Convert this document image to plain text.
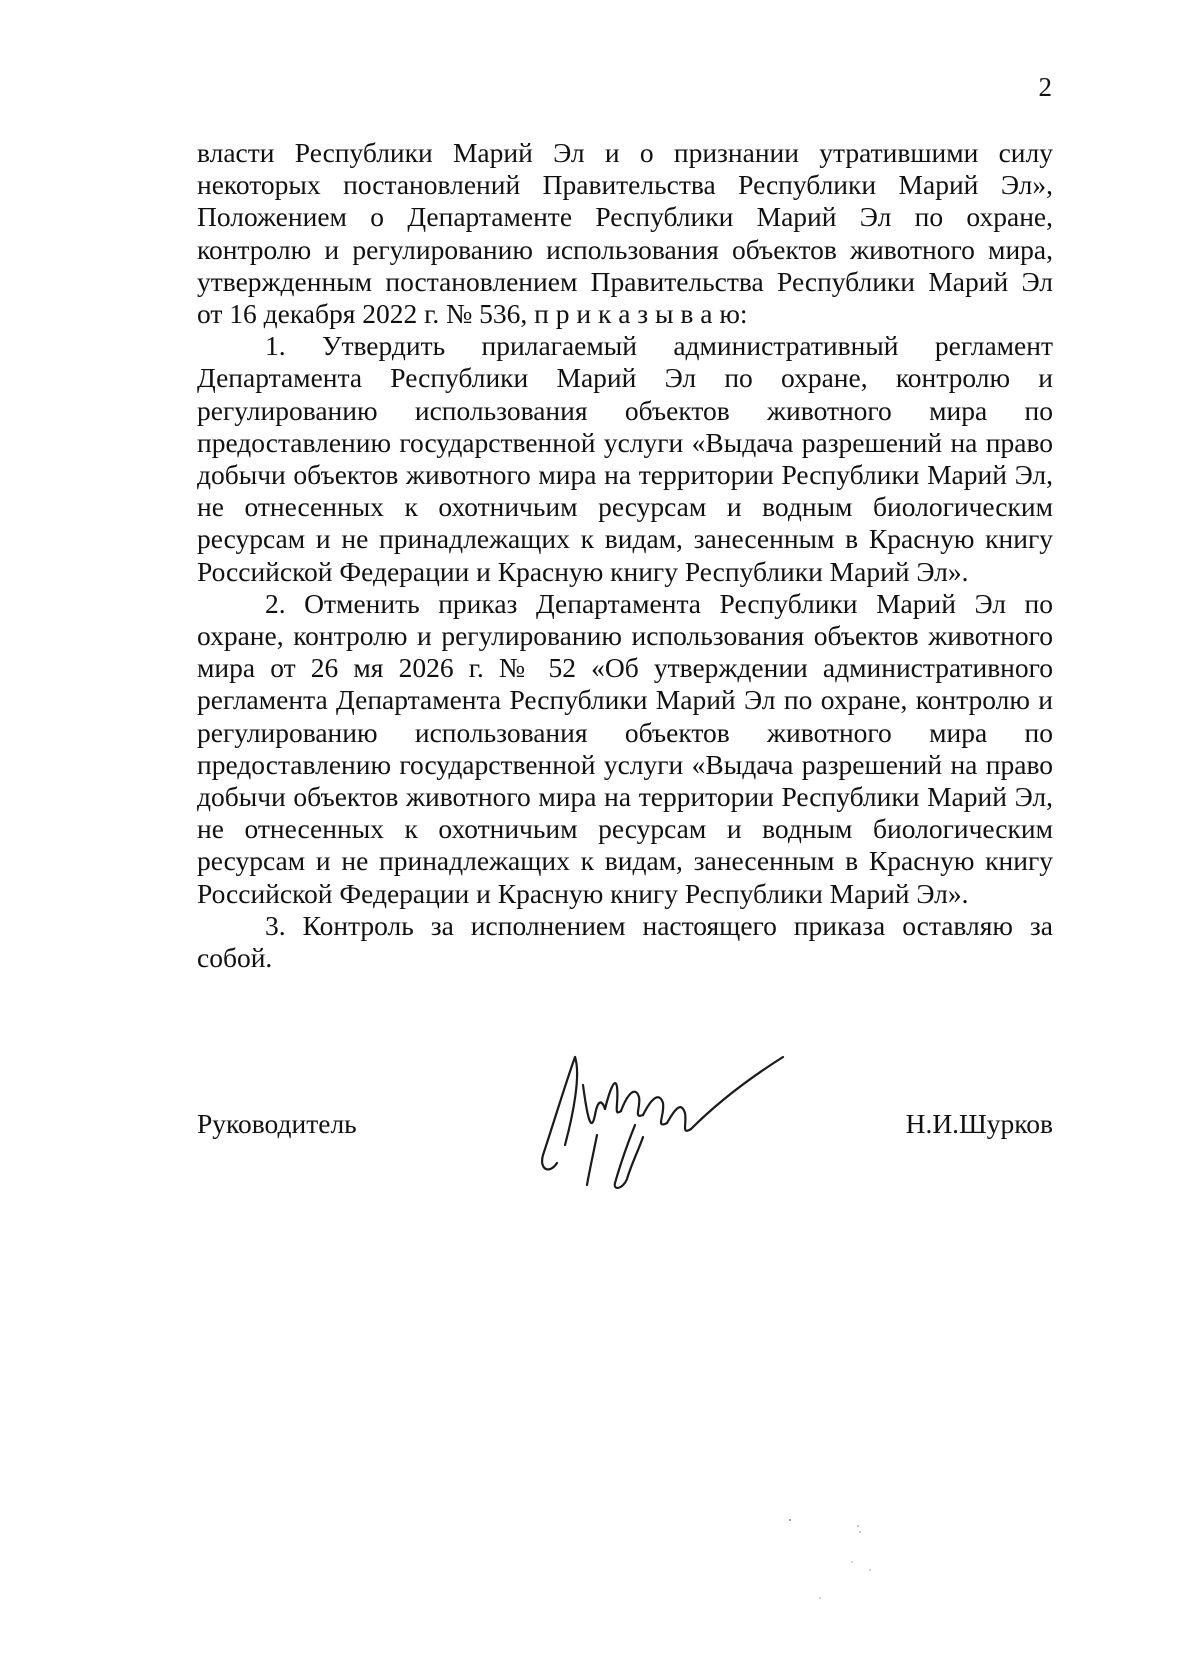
2

власти Республики Марий Эл и о признании утратившими силу некоторых постановлений Правительства Республики Марий Эл», Положением о Департаменте Республики Марий Эл по охране, контролю и регулированию использования объектов животного мира, утвержденным постановлением Правительства Республики Марий Эл от 16 декабря 2022 г. № 536, п р и к а з ы в а ю:

1. Утвердить прилагаемый административный регламент Департамента Республики Марий Эл по охране, контролю и регулированию использования объектов животного мира по предоставлению государственной услуги «Выдача разрешений на право добычи объектов животного мира на территории Республики Марий Эл, не отнесенных к охотничьим ресурсам и водным биологическим ресурсам и не принадлежащих к видам, занесенным в Красную книгу Российской Федерации и Красную книгу Республики Марий Эл».

2. Отменить приказ Департамента Республики Марий Эл по охране, контролю и регулированию использования объектов животного мира от 26 мя 2026 г. № 52 «Об утверждении административного регламента Департамента Республики Марий Эл по охране, контролю и регулированию использования объектов животного мира по предоставлению государственной услуги «Выдача разрешений на право добычи объектов животного мира на территории Республики Марий Эл, не отнесенных к охотничьим ресурсам и водным биологическим ресурсам и не принадлежащих к видам, занесенным в Красную книгу Российской Федерации и Красную книгу Республики Марий Эл».

3. Контроль за исполнением настоящего приказа оставляю за собой.

Руководитель	Н.И.Шурков
